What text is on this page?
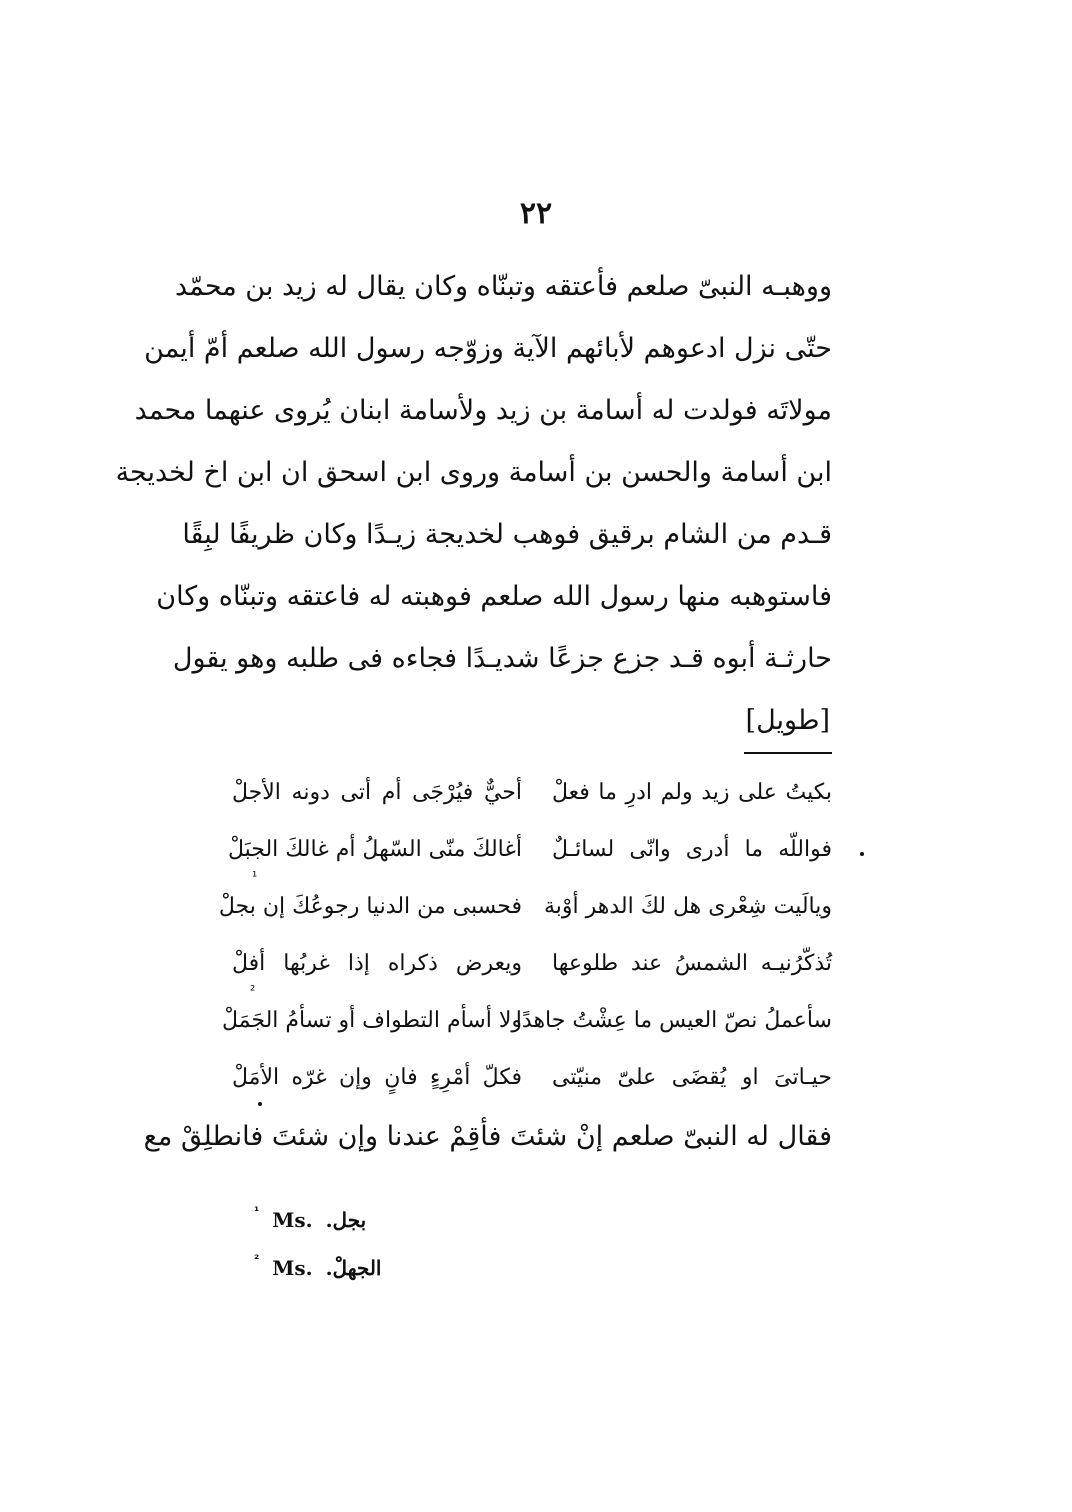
٢٢
ووهبـه النبىّ صلعم فأعتقه وتبنّاه وكان يقال له زيد بن محمّد
حتّى نزل ادعوهم لأبائهم الآية وزوّجه رسول الله صلعم أمّ أيمن
مولاتَه فولدت له أسامة بن زيد ولأسامة ابنان يُروى عنهما محمد
ابن أسامة والحسن بن أسامة وروى ابن اسحق ان ابن اخ لخديجة
قـدم من الشام برقيق فوهب لخديجة زيـدًا وكان ظريفًا لبِقًا
فاستوهبه منها رسول الله صلعم فوهبته له فاعتقه وتبنّاه وكان
حارثـة أبوه قـد جزع جزعًا شديـدًا فجاءه فى طلبه وهو يقول
[طويل]
بكيتُ على زيد ولم ادرِ ما فعلْ
أحيٌّ فيُرْجَى أم أتى دونه الأجلْ
فواللّه ما أدرى وانّى لسائـلٌ
أغالكَ منّى السّهلُ أم غالكَ الجبَلْ
ويالَيت شِعْرى هل لكَ الدهر أوْبة
فحسبى من الدنيا رجوعُكَ إن بجلْ
تُذكّرُنيـه الشمسُ عند طلوعها
ويعرض ذكراه إذا غربُها أفلْ
سأعملُ نصّ العيس ما عِشْتُ جاهدًا
ولا أسأم التطواف أو تسأمُ الجَمَلْ
حيـاتىَ او يُقضَى علىّ منيّتى
فكلّ أمْرِءٍ فانٍ وإن غرّه الأمَلْ
¹
²
فقال له النبىّ صلعم إنْ شئتَ فأقِمْ عندنا وإن شئتَ فانطلِقْ مع
$^{^1}$ Ms. بجل.
$^{^2}$ Ms. الجهلْ.
